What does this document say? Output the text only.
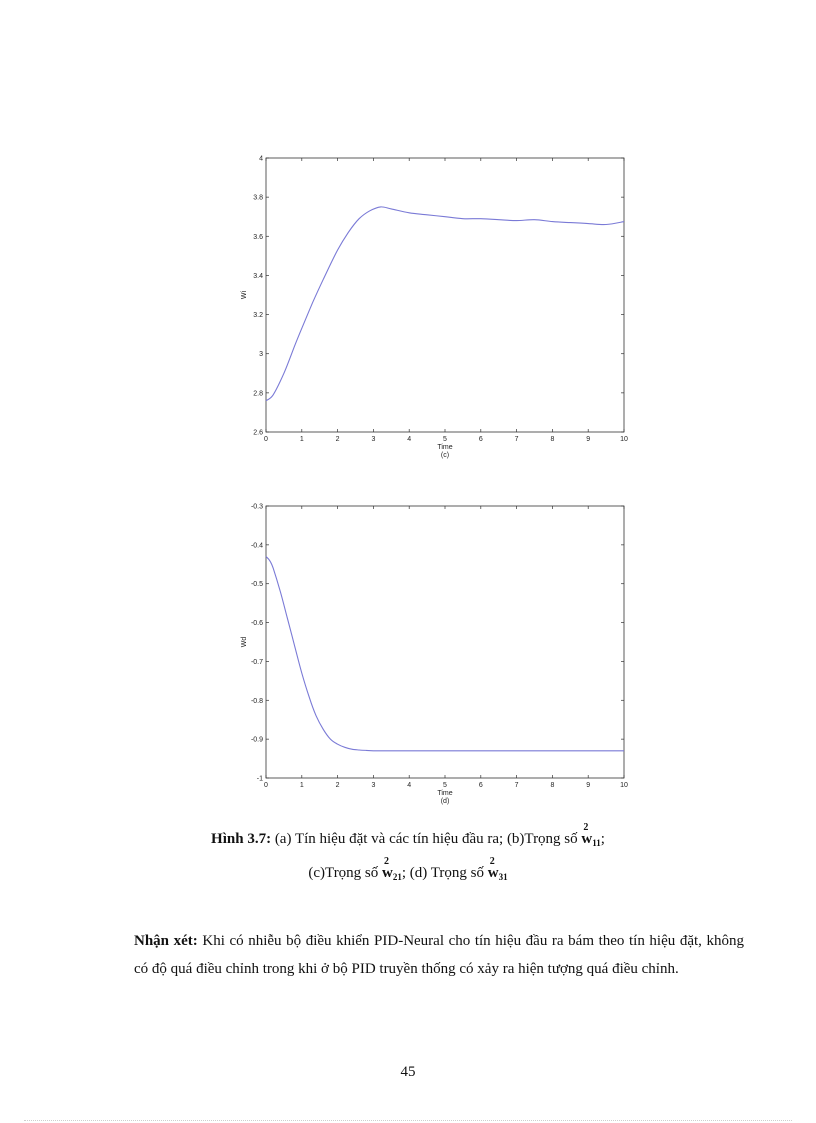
2.6
2.8
3
3.2
3.4
3.6
3.8
4
0	1	2	3	4	5	6	7	8	9	10
Time
(c)
Wi
-1
-0.9
-0.8
-0.7
-0.6
-0.5
-0.4
-0.3
0	1	2	3	4	5	6	7	8	9	10
Time
(d)
Wd
Hình 3.7: (a) Tín hiệu đặt và các tín hiệu đầu ra; (b)Trọng số w
2
$_{11}$;
(c)Trọng số w
2
$_{21}$; (d) Trọng số w
2
$_{31}$
Nhận xét: Khi có nhiễu bộ điều khiển PID-Neural cho tín hiệu đầu ra bám theo tín hiệu đặt, không có độ quá điều chỉnh trong khi ở bộ PID truyền thống có xảy ra hiện tượng quá điều chỉnh.
45
